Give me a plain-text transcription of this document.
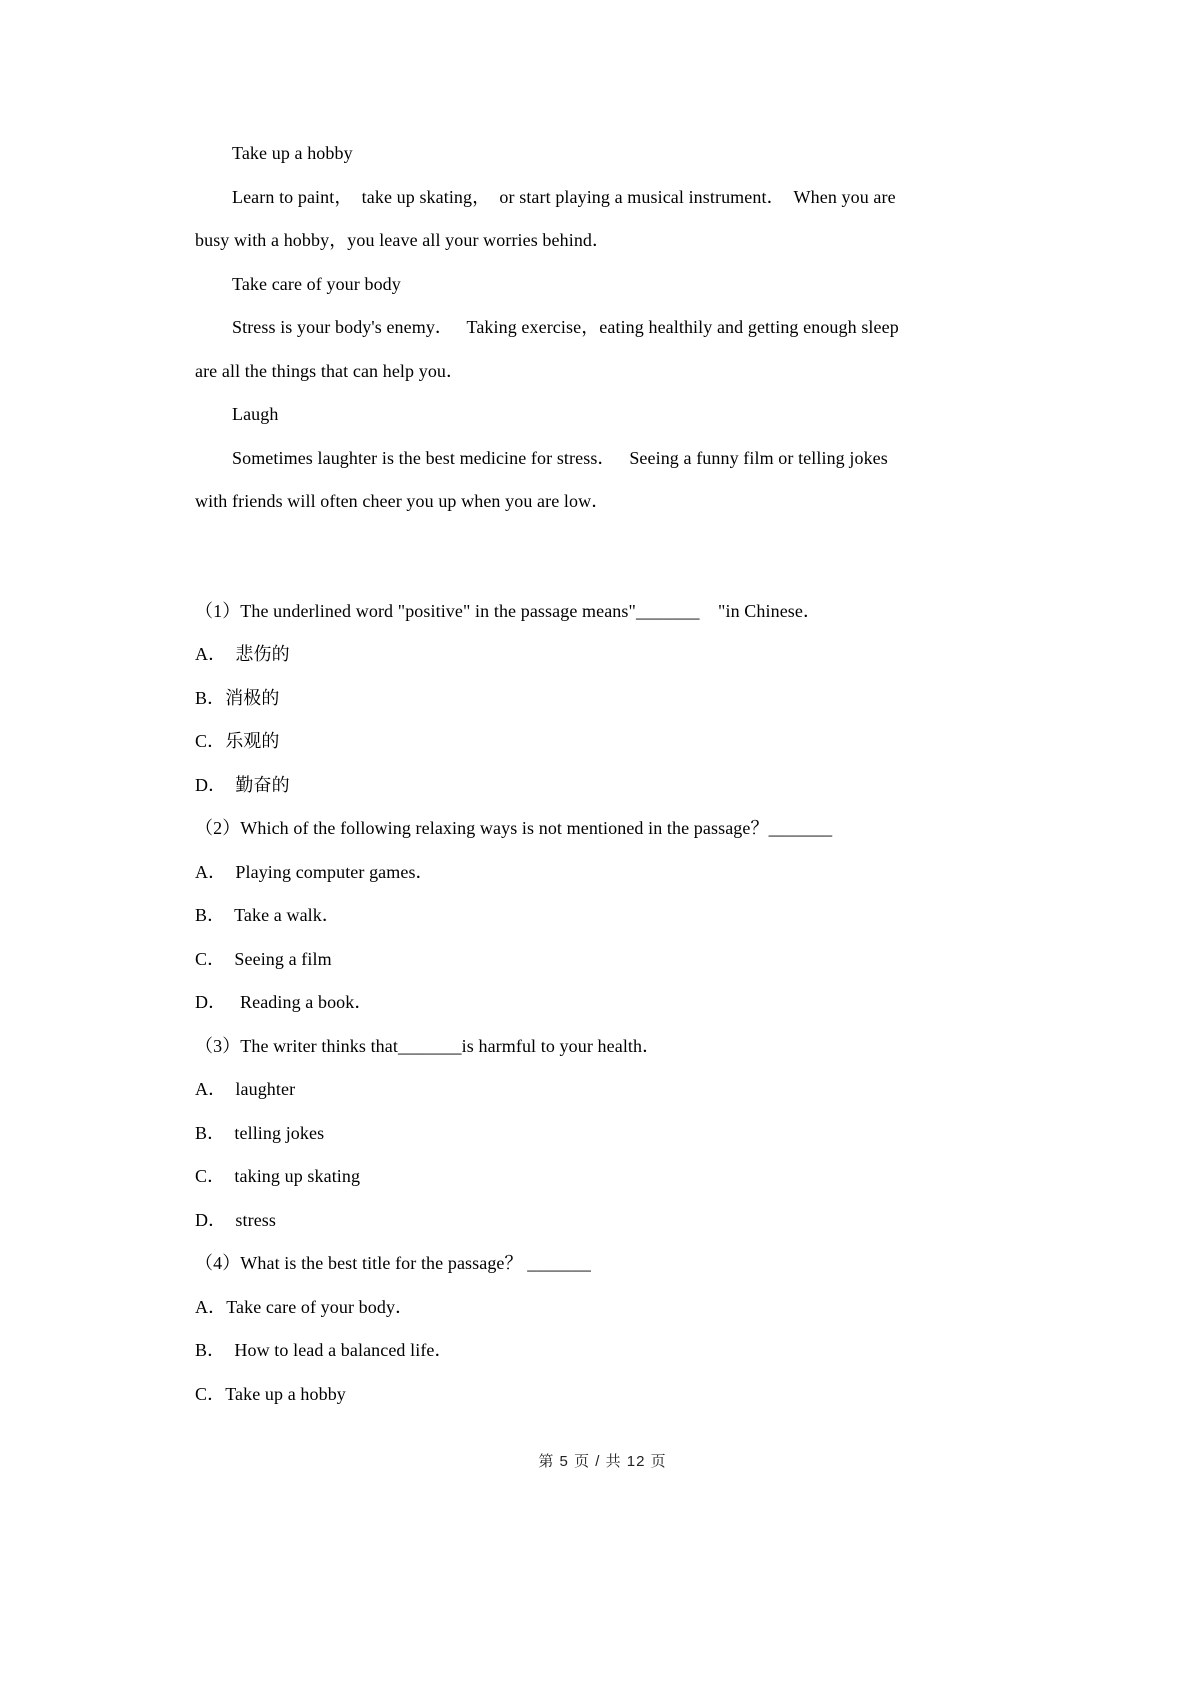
Take up a hobby
Learn to paint，  take up skating，  or start playing a musical instrument．  When you are
busy with a hobby，you leave all your worries behind．
Take care of your body
Stress is your body's enemy．   Taking exercise，eating healthily and getting enough sleep
are all the things that can help you．
Laugh
Sometimes laughter is the best medicine for stress．   Seeing a funny film or telling jokes
with friends will often cheer you up when you are low．
（1）The underlined word "positive" in the passage means"_______    "in Chinese．
A．  悲伤的
B．消极的
C．乐观的
D．  勤奋的
（2）Which of the following relaxing ways is not mentioned in the passage？_______
A．  Playing computer games．
B．  Take a walk．
C．  Seeing a film
D．   Reading a book．
（3）The writer thinks that_______is harmful to your health．
A．  laughter
B．  telling jokes
C．  taking up skating
D．  stress
（4）What is the best title for the passage？ _______
A．Take care of your body．
B．  How to lead a balanced life．
C．Take up a hobby
第 5 页 / 共 12 页
